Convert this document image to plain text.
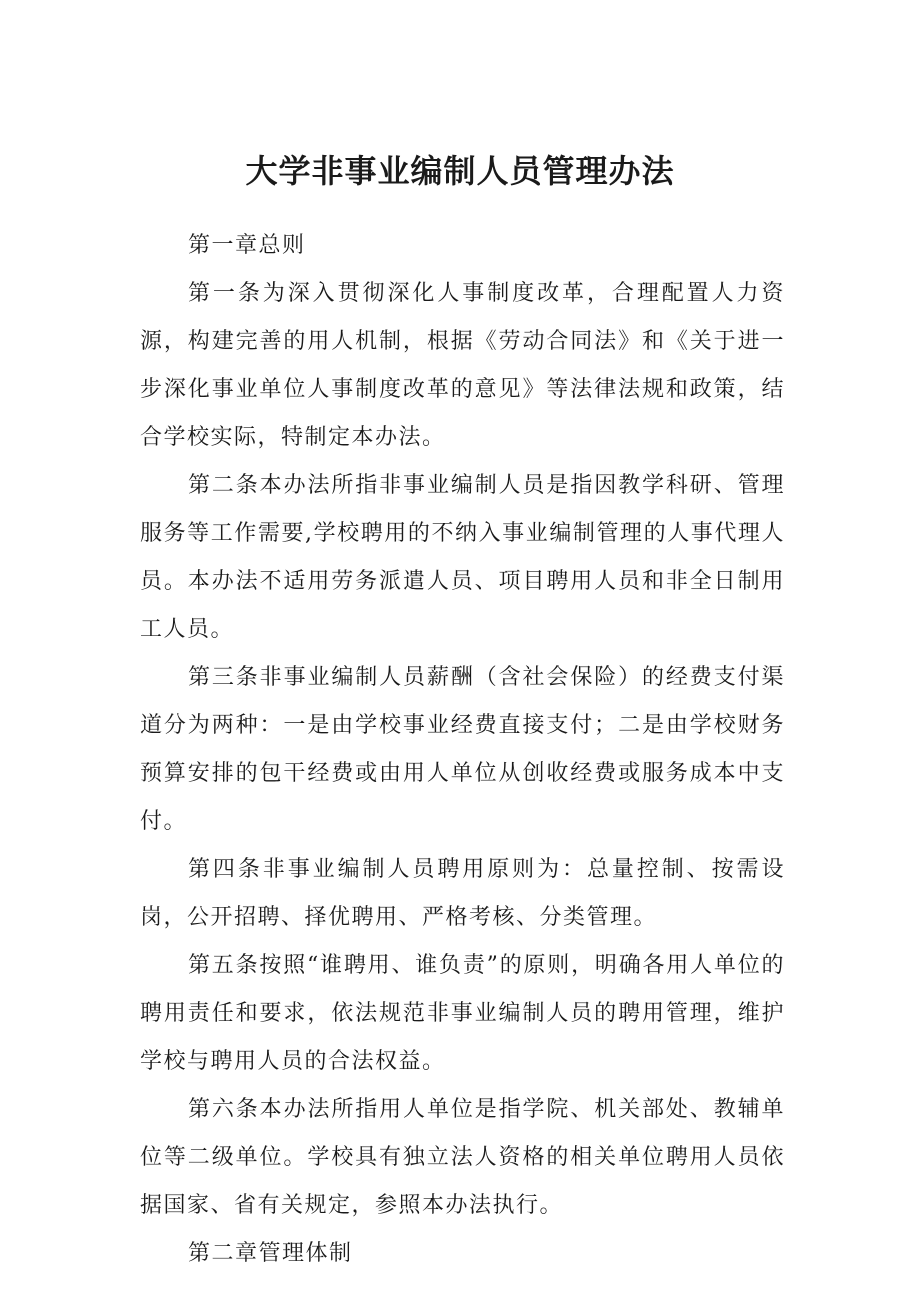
大学非事业编制人员管理办法

第一章总则

第一条为深入贯彻深化人事制度改革，合理配置人力资源，构建完善的用人机制，根据《劳动合同法》和《关于进一步深化事业单位人事制度改革的意见》等法律法规和政策，结合学校实际，特制定本办法。

第二条本办法所指非事业编制人员是指因教学科研、管理服务等工作需要,学校聘用的不纳入事业编制管理的人事代理人员。本办法不适用劳务派遣人员、项目聘用人员和非全日制用工人员。

第三条非事业编制人员薪酬（含社会保险）的经费支付渠道分为两种：一是由学校事业经费直接支付；二是由学校财务预算安排的包干经费或由用人单位从创收经费或服务成本中支付。

第四条非事业编制人员聘用原则为：总量控制、按需设岗，公开招聘、择优聘用、严格考核、分类管理。

第五条按照“谁聘用、谁负责”的原则，明确各用人单位的聘用责任和要求，依法规范非事业编制人员的聘用管理，维护学校与聘用人员的合法权益。

第六条本办法所指用人单位是指学院、机关部处、教辅单位等二级单位。学校具有独立法人资格的相关单位聘用人员依据国家、省有关规定，参照本办法执行。

第二章管理体制
